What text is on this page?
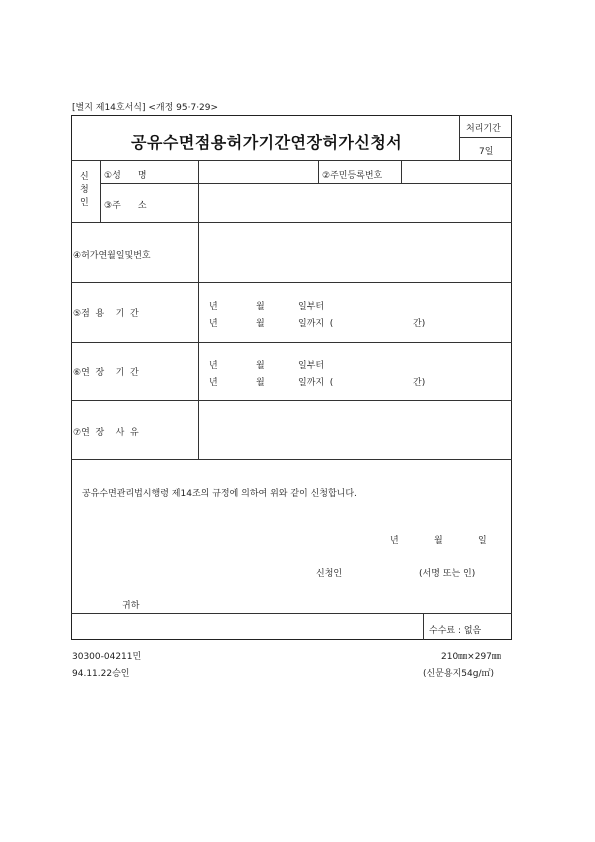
[별지 제14호서식] <개정 95·7·29>
공유수면점용허가기간연장허가신청서
처리기간
7일
신
청
인
①성      명	②주민등록번호
③주      소
④허가연월일및번호
⑤점  용    기  간
년	월	일부터
년	월	일까지  (	간)
⑥연  장    기  간
년	월	일부터
년	월	일까지  (	간)
⑦연  장    사  유
공유수면관리법시행령 제14조의 규정에 의하여 위와 같이 신청합니다.
년	월	일
신청인	(서명 또는 인)
귀하
수수료 : 없음
30300-04211민
94.11.22승인
210㎜×297㎜
(신문용지54g/㎡)
